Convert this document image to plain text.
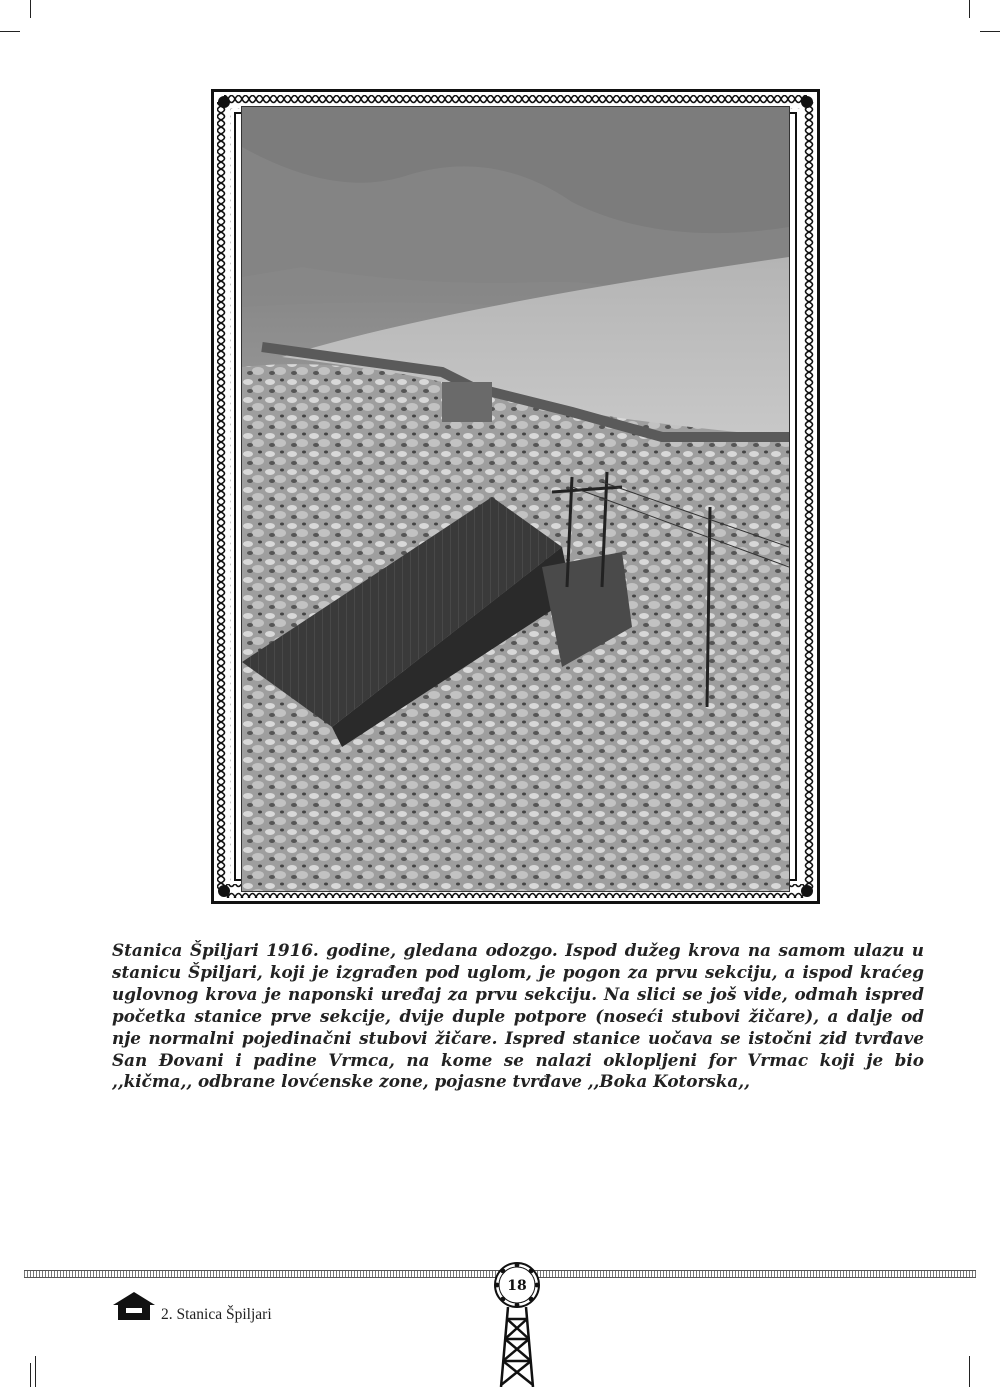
Stanica Špiljari 1916. godine, gledana odozgo. Ispod dužeg krova na samom ulazu u stanicu Špiljari, koji je izgrađen pod uglom, je pogon za prvu sekciju, a ispod kraćeg uglovnog krova je naponski uređaj za prvu sekciju. Na slici se još vide, odmah ispred početka stanice prve sekcije, dvije duple potpore (noseći stubovi žičare), a dalje od nje normalni pojedinačni stubovi žičare. Ispred stanice uočava se istočni zid tvrđave San Đovani i padine Vrmca, na kome se nalazi oklopljeni for Vrmac koji je bio ,,kičma,, odbrane lovćenske zone, pojasne tvrđave ,,Boka Kotorska,,

2. Stanica Špiljari
18
